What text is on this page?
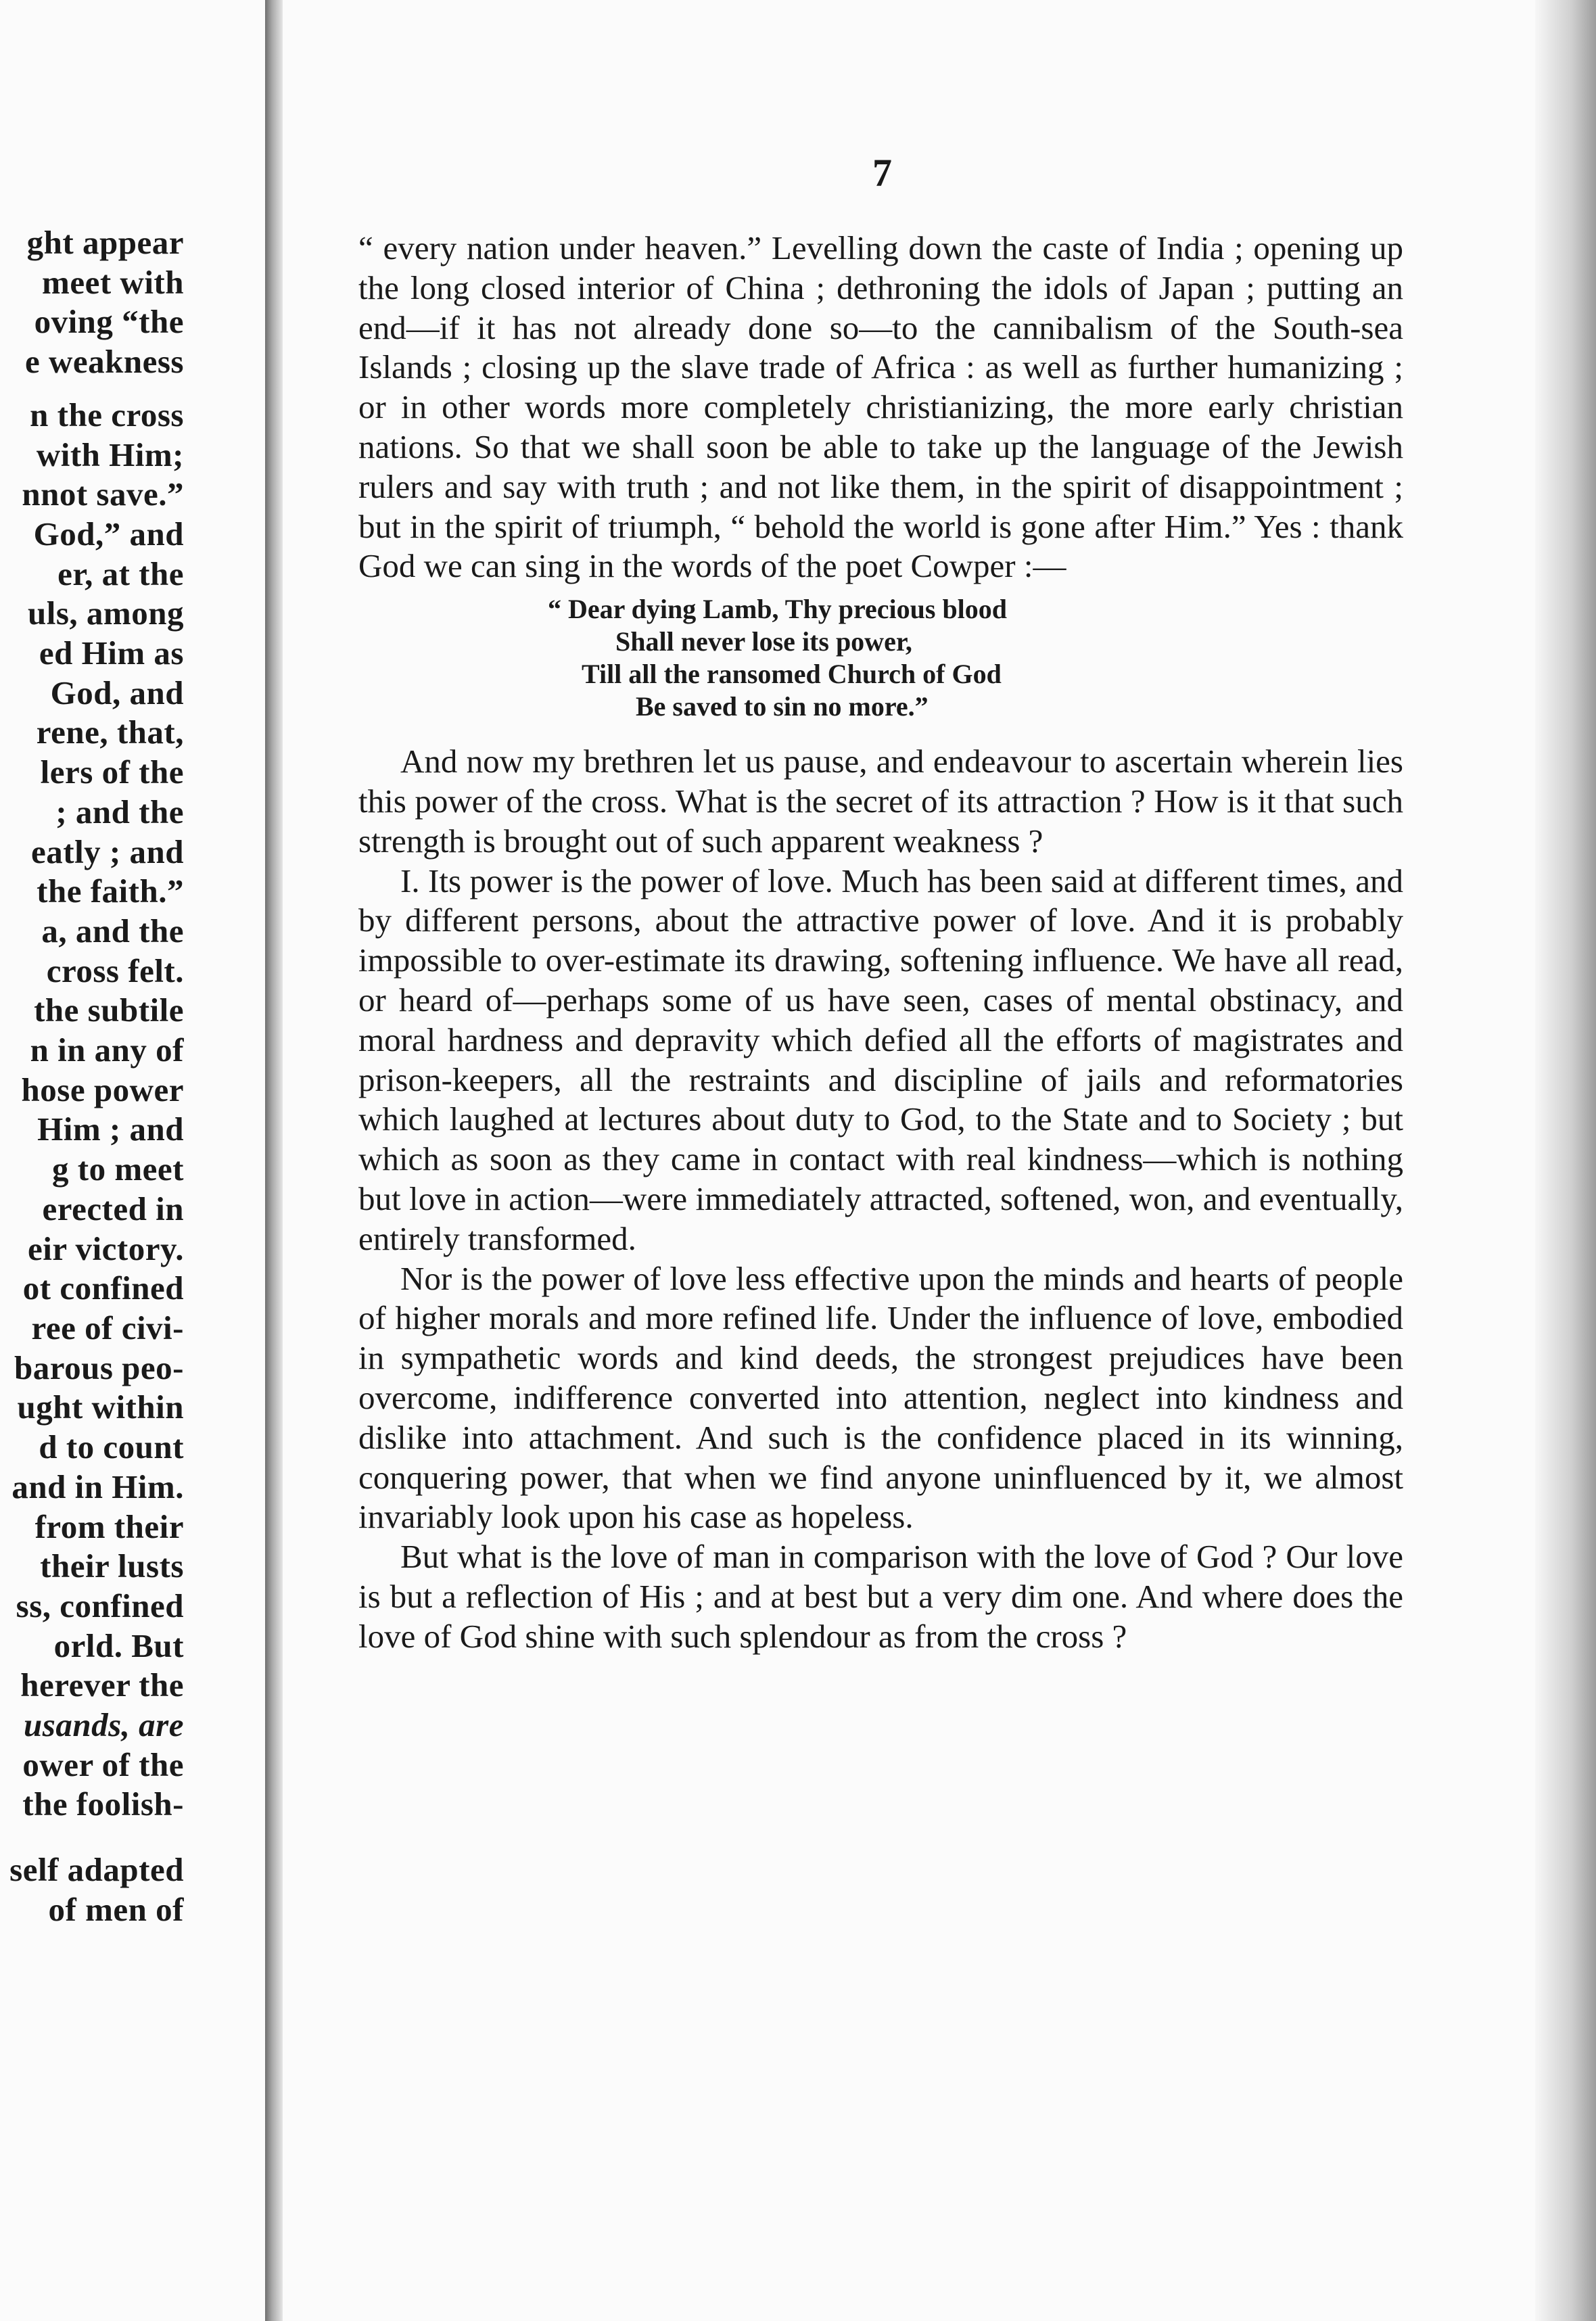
ght appear
meet with
oving “the
e weakness
n the cross
with Him;
nnot save.”
God,” and
er, at the
uls, among
ed Him as
God, and
rene, that,
lers of the
; and the
eatly ; and
the faith.”
a, and the
cross felt.
the subtile
n in any of
hose power
Him ; and
g to meet
erected in
eir victory.
ot confined
ree of civi-
barous peo-
ught within
d to count
and in Him.
from their
their lusts
ss, confined
orld. But
herever the
usands, are
ower of the
the foolish-
self adapted
of men of
7

“ every nation under heaven.” Levelling down the caste of India ; opening up the long closed interior of China ; dethroning the idols of Japan ; putting an end—if it has not already done so—to the cannibalism of the South-sea Islands ; closing up the slave trade of Africa : as well as further humanizing ; or in other words more completely christianizing, the more early christian nations. So that we shall soon be able to take up the language of the Jewish rulers and say with truth ; and not like them, in the spirit of disappointment ; but in the spirit of triumph, “ behold the world is gone after Him.” Yes : thank God we can sing in the words of the poet Cowper :—

“ Dear dying Lamb, Thy precious blood
Shall never lose its power,
Till all the ransomed Church of God
Be saved to sin no more.”

And now my brethren let us pause, and endeavour to ascertain wherein lies this power of the cross. What is the secret of its attraction ? How is it that such strength is brought out of such apparent weakness ?

I. Its power is the power of love. Much has been said at different times, and by different persons, about the attractive power of love. And it is probably impossible to over-estimate its drawing, softening influence. We have all read, or heard of—perhaps some of us have seen, cases of mental obstinacy, and moral hardness and depravity which defied all the efforts of magistrates and prison-keepers, all the restraints and discipline of jails and reformatories which laughed at lectures about duty to God, to the State and to Society ; but which as soon as they came in contact with real kindness—which is nothing but love in action—were immediately attracted, softened, won, and eventually, entirely transformed.

Nor is the power of love less effective upon the minds and hearts of people of higher morals and more refined life. Under the influence of love, embodied in sympathetic words and kind deeds, the strongest prejudices have been overcome, indifference converted into attention, neglect into kindness and dislike into attachment. And such is the confidence placed in its winning, conquering power, that when we find anyone uninfluenced by it, we almost invariably look upon his case as hopeless.

But what is the love of man in comparison with the love of God ? Our love is but a reflection of His ; and at best but a very dim one. And where does the love of God shine with such splendour as from the cross ?
